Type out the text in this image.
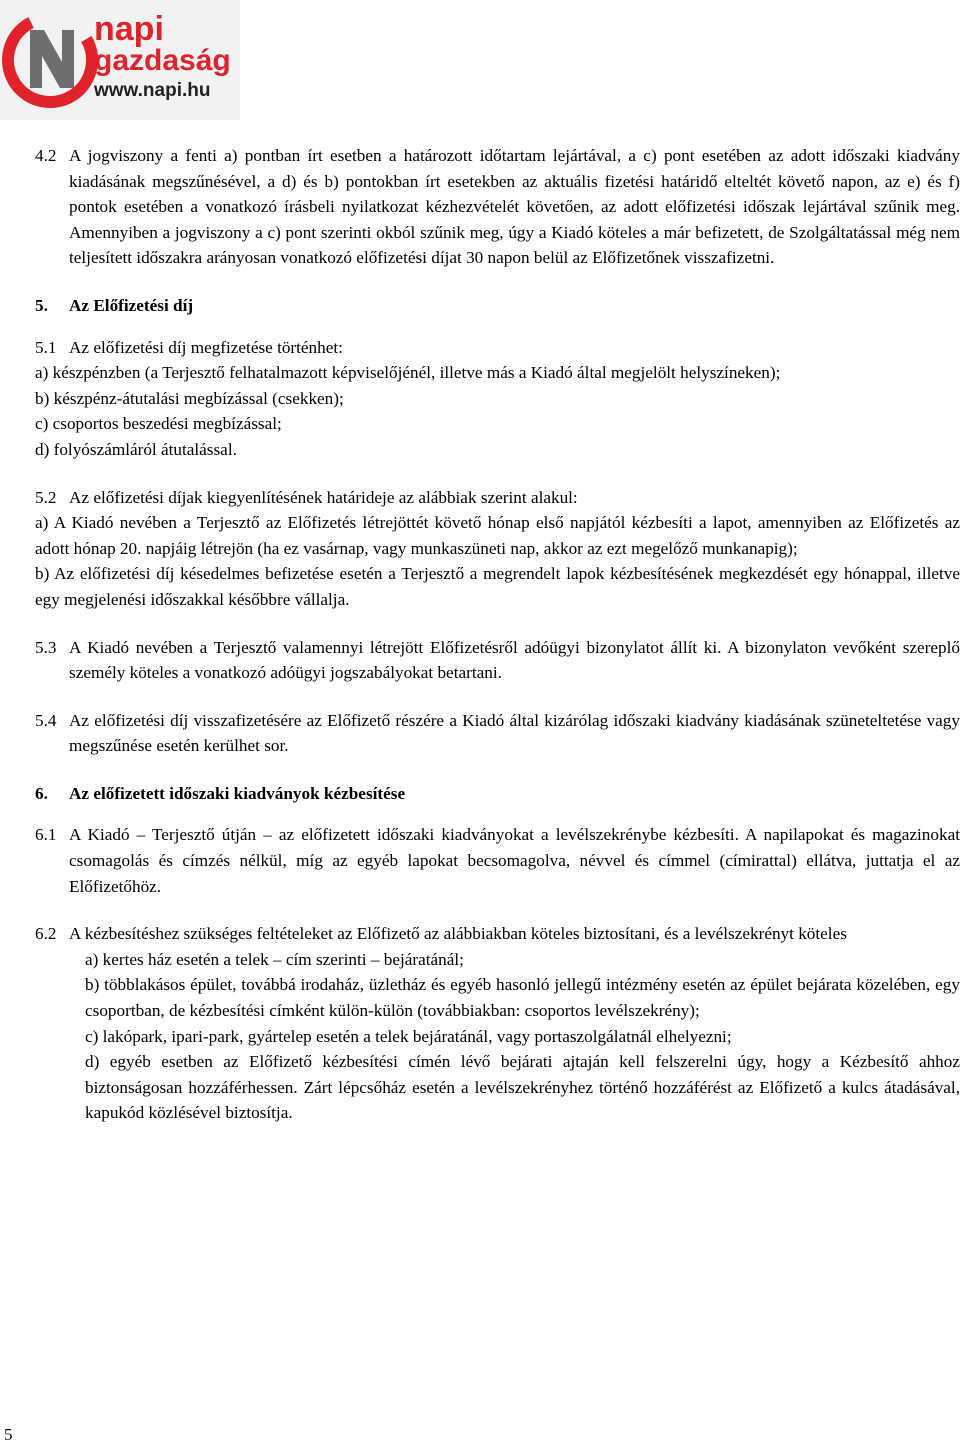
napi
gazdaság
www.napi.hu
4.2 A jogviszony a fenti a) pontban írt esetben a határozott időtartam lejártával, a c) pont esetében az adott időszaki kiadvány kiadásának megszűnésével, a d) és b) pontokban írt esetekben az aktuális fizetési határidő elteltét követő napon, az e) és f) pontok esetében a vonatkozó írásbeli nyilatkozat kézhezvételét követően, az adott előfizetési időszak lejártával szűnik meg. Amennyiben a jogviszony a c) pont szerinti okból szűnik meg, úgy a Kiadó köteles a már befizetett, de Szolgáltatással még nem teljesített időszakra arányosan vonatkozó előfizetési díjat 30 napon belül az Előfizetőnek visszafizetni.
5. Az Előfizetési díj
5.1 Az előfizetési díj megfizetése történhet:
a) készpénzben (a Terjesztő felhatalmazott képviselőjénél, illetve más a Kiadó által megjelölt helyszíneken);
b) készpénz-átutalási megbízással (csekken);
c) csoportos beszedési megbízással;
d) folyószámláról átutalással.
5.2 Az előfizetési díjak kiegyenlítésének határideje az alábbiak szerint alakul:
a) A Kiadó nevében a Terjesztő az Előfizetés létrejöttét követő hónap első napjától kézbesíti a lapot, amennyiben az Előfizetés az adott hónap 20. napjáig létrejön (ha ez vasárnap, vagy munkaszüneti nap, akkor az ezt megelőző munkanapig);
b) Az előfizetési díj késedelmes befizetése esetén a Terjesztő a megrendelt lapok kézbesítésének megkezdését egy hónappal, illetve egy megjelenési időszakkal későbbre vállalja.
5.3 A Kiadó nevében a Terjesztő valamennyi létrejött Előfizetésről adóügyi bizonylatot állít ki. A bizonylaton vevőként szereplő személy köteles a vonatkozó adóügyi jogszabályokat betartani.
5.4 Az előfizetési díj visszafizetésére az Előfizető részére a Kiadó által kizárólag időszaki kiadvány kiadásának szüneteltetése vagy megszűnése esetén kerülhet sor.
6. Az előfizetett időszaki kiadványok kézbesítése
6.1 A Kiadó – Terjesztő útján – az előfizetett időszaki kiadványokat a levélszekrénybe kézbesíti. A napilapokat és magazinokat csomagolás és címzés nélkül, míg az egyéb lapokat becsomagolva, névvel és címmel (címirattal) ellátva, juttatja el az Előfizetőhöz.
6.2 A kézbesítéshez szükséges feltételeket az Előfizető az alábbiakban köteles biztosítani, és a levélszekrényt köteles
a) kertes ház esetén a telek – cím szerinti – bejáratánál;
b) többlakásos épület, továbbá irodaház, üzletház és egyéb hasonló jellegű intézmény esetén az épület bejárata közelében, egy csoportban, de kézbesítési címként külön-külön (továbbiakban: csoportos levélszekrény);
c) lakópark, ipari-park, gyártelep esetén a telek bejáratánál, vagy portaszolgálatnál elhelyezni;
d) egyéb esetben az Előfizető kézbesítési címén lévő bejárati ajtaján kell felszerelni úgy, hogy a Kézbesítő ahhoz biztonságosan hozzáférhessen. Zárt lépcsőház esetén a levélszekrényhez történő hozzáférést az Előfizető a kulcs átadásával, kapukód közlésével biztosítja.
5
